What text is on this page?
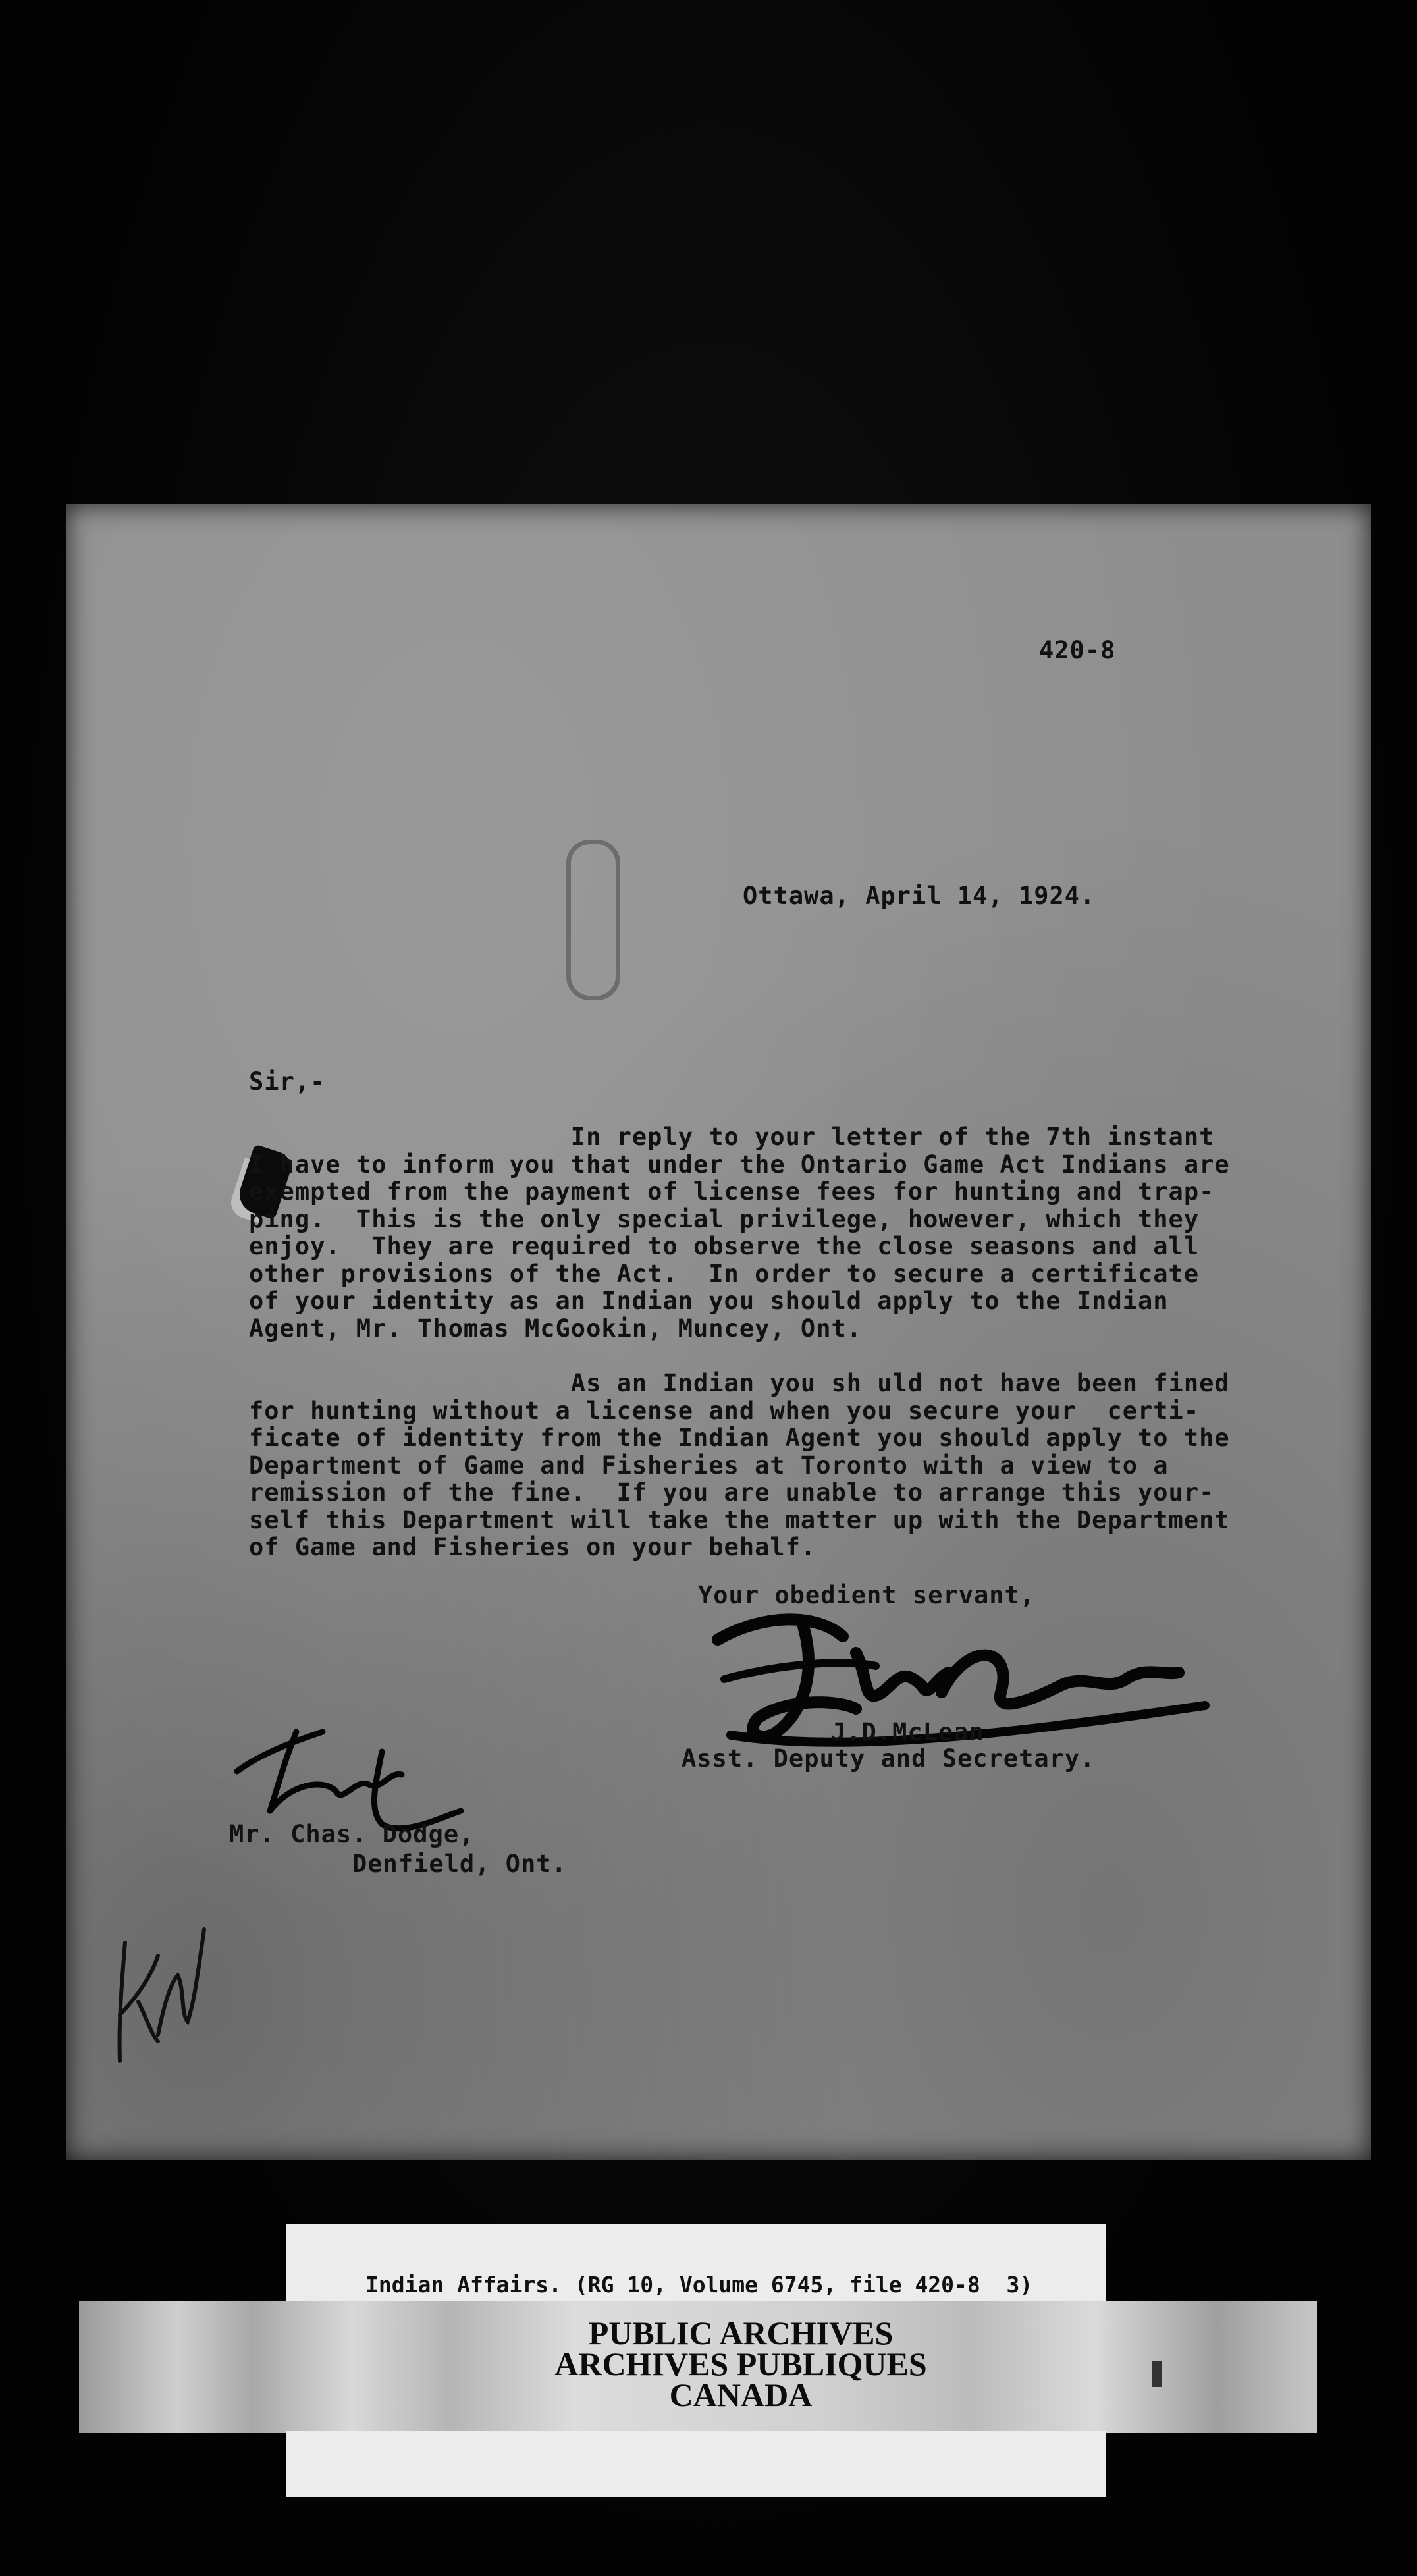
420-8
Ottawa, April 14, 1924.
Sir,-
In reply to your letter of the 7th instant
I have to inform you that under the Ontario Game Act Indians are
exempted from the payment of license fees for hunting and trap-
ping.  This is the only special privilege, however, which they
enjoy.  They are required to observe the close seasons and all
other provisions of the Act.  In order to secure a certificate
of your identity as an Indian you should apply to the Indian
Agent, Mr. Thomas McGookin, Muncey, Ont.
As an Indian you sh uld not have been fined
for hunting without a license and when you secure your  certi-
ficate of identity from the Indian Agent you should apply to the
Department of Game and Fisheries at Toronto with a view to a
remission of the fine.  If you are unable to arrange this your-
self this Department will take the matter up with the Department
of Game and Fisheries on your behalf.
Your obedient servant,
J.D.McLean
Asst. Deputy and Secretary.
Mr. Chas. Dodge,
Denfield, Ont.
Indian Affairs. (RG 10, Volume 6745, file 420-8  3)
PUBLIC ARCHIVES
ARCHIVES PUBLIQUES
CANADA
